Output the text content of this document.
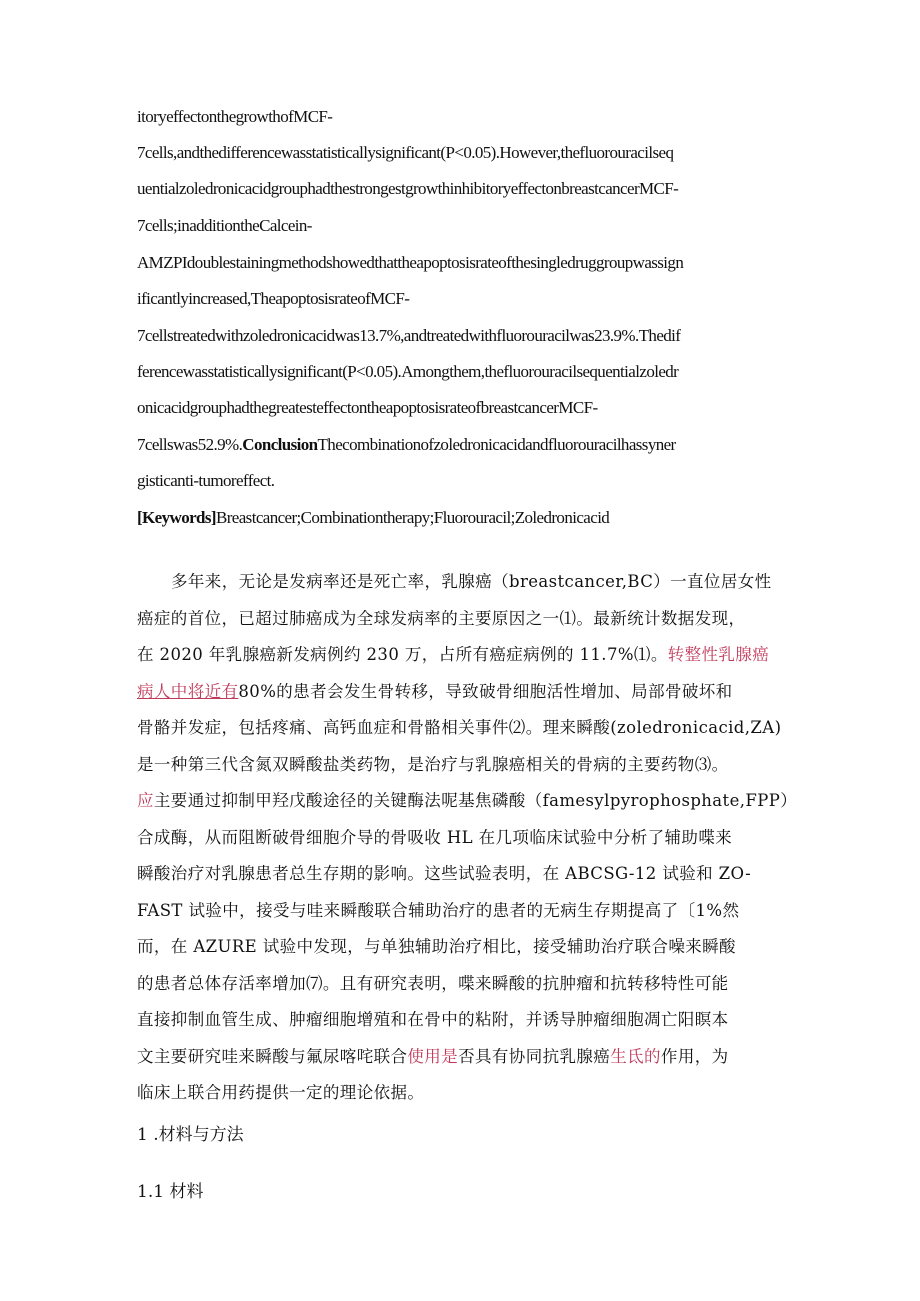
itoryeffectonthegrowthofMCF-
7cells,andthedifferencewasstatisticallysignificant(P<0.05).However,thefluorouracilseq
uentialzoledronicacidgrouphadthestrongestgrowthinhibitoryeffectonbreastcancerMCF-
7cells;inadditiontheCalcein-
AMZPIdoublestainingmethodshowedthattheapoptosisrateofthesingledruggroupwassign
ificantlyincreased,TheapoptosisrateofMCF-
7cellstreatedwithzoledronicacidwas13.7%,andtreatedwithfluorouracilwas23.9%.Thedif
ferencewasstatisticallysignificant(P<0.05).Amongthem,thefluorouracilsequentialzoledr
onicacidgrouphadthegreatesteffectontheapoptosisrateofbreastcancerMCF-
7cellswas52.9%.ConclusionThecombinationofzoledronicacidandfluorouracilhassyner
gisticanti-tumoreffect.
[Keywords]Breastcancer;Combinationtherapy;Fluorouracil;Zoledronicacid
多年来，无论是发病率还是死亡率，乳腺癌（breastcancer,BC）一直位居女性
癌症的首位，已超过肺癌成为全球发病率的主要原因之一⑴。最新统计数据发现，
在 2020 年乳腺癌新发病例约 230 万，占所有癌症病例的 11.7%⑴。转整性乳腺癌
病人中将近有80%的患者会发生骨转移，导致破骨细胞活性增加、局部骨破坏和
骨骼并发症，包括疼痛、高钙血症和骨骼相关事件⑵。理来瞬酸(zoledronicacid,ZA)
是一种第三代含氮双瞬酸盐类药物，是治疗与乳腺癌相关的骨病的主要药物⑶。
应主要通过抑制甲羟戊酸途径的关键酶法呢基焦磷酸（famesylpyrophosphate,FPP）
合成酶，从而阻断破骨细胞介导的骨吸收 HL 在几项临床试验中分析了辅助喋来
瞬酸治疗对乳腺患者总生存期的影响。这些试验表明，在 ABCSG-12 试验和 ZO-
FAST 试验中，接受与哇来瞬酸联合辅助治疗的患者的无病生存期提高了〔1%然
而，在 AZURE 试验中发现，与单独辅助治疗相比，接受辅助治疗联合噪来瞬酸
的患者总体存活率增加⑺。且有研究表明，喋来瞬酸的抗肿瘤和抗转移特性可能
直接抑制血管生成、肿瘤细胞增殖和在骨中的粘附，并诱导肿瘤细胞凋亡阳瞑本
文主要研究哇来瞬酸与氟尿喀咤联合使用是否具有协同抗乳腺癌生氐的作用，为
临床上联合用药提供一定的理论依据。
1 .材料与方法
1.1 材料
